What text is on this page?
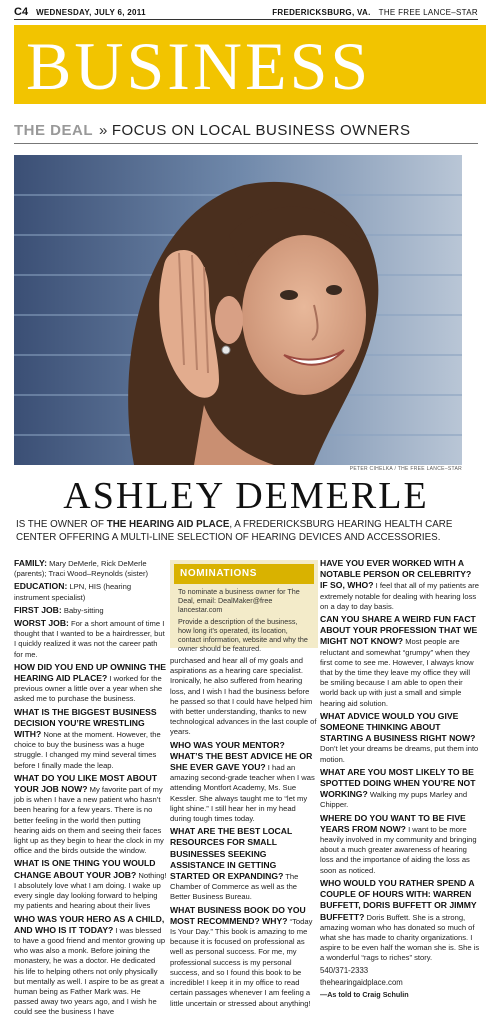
C4 WEDNESDAY, JULY 6, 2011	FREDERICKSBURG, VA. THE FREE LANCE–STAR
BUSINESS
THE DEAL » FOCUS ON LOCAL BUSINESS OWNERS
PETER CIHELKA / THE FREE LANCE–STAR
ASHLEY DEMERLE
IS THE OWNER OF THE HEARING AID PLACE, A FREDERICKSBURG HEARING HEALTH CARE CENTER OFFERING A MULTI-LINE SELECTION OF HEARING DEVICES AND ACCESSORIES.

FAMILY: Mary DeMerle, Rick DeMerle (parents); Traci Wood–Reynolds (sister)

EDUCATION: LPN, HIS (hearing instrument specialist)

FIRST JOB: Baby-sitting

WORST JOB: For a short amount of time I thought that I wanted to be a hairdresser, but I quickly realized it was not the career path for me.

HOW DID YOU END UP OWNING THE HEARING AID PLACE? I worked for the previous owner a little over a year when she asked me to purchase the business.

WHAT IS THE BIGGEST BUSINESS DECISION YOU’RE WRESTLING WITH? None at the moment. However, the choice to buy the business was a huge struggle. I changed my mind several times before I finally made the leap.

WHAT DO YOU LIKE MOST ABOUT YOUR JOB NOW? My favorite part of my job is when I have a new patient who hasn’t been hearing for a few years. There is no better feeling in the world then putting hearing aids on them and seeing their faces light up as they begin to hear the clock in my office and the birds outside the window.

WHAT IS ONE THING YOU WOULD CHANGE ABOUT YOUR JOB? Nothing! I absolutely love what I am doing. I wake up every single day looking forward to helping my patients and hearing about their lives

WHO WAS YOUR HERO AS A CHILD, AND WHO IS IT TODAY? I was blessed to have a good friend and mentor growing up who was also a monk. Before joining the monastery, he was a doctor. He dedicated his life to helping others not only physically but mentally as well. I aspire to be as great a human being as Father Mark was. He passed away two years ago, and I wish he could see the business I have

NOMINATIONS

To nominate a business owner for The Deal, email: DealMaker@free lancestar.com

Provide a description of the business, how long it’s operated, its location, contact information, website and why the owner should be featured.

purchased and hear all of my goals and aspirations as a hearing care specialist. Ironically, he also suffered from hearing loss, and I wish I had the business before he passed so that I could have helped him with better understanding, thanks to new technological advances in the last couple of years.

WHO WAS YOUR MENTOR? WHAT’S THE BEST ADVICE HE OR SHE EVER GAVE YOU? I had an amazing second-grade teacher when I was attending Montfort Academy, Ms. Sue Kessler. She always taught me to “let my light shine.” I still hear her in my head during tough times today.

WHAT ARE THE BEST LOCAL RESOURCES FOR SMALL BUSINESSES SEEKING ASSISTANCE IN GETTING STARTED OR EXPANDING? The Chamber of Commerce as well as the Better Business Bureau.

WHAT BUSINESS BOOK DO YOU MOST RECOMMEND? WHY? “Today Is Your Day.” This book is amazing to me because it is focused on professional as well as personal success. For me, my professional success is my personal success, and so I found this book to be incredible! I keep it in my office to read certain passages whenever I am feeling a little uncertain or stressed about anything!

HAVE YOU EVER WORKED WITH A NOTABLE PERSON OR CELEBRITY? IF SO, WHO? I feel that all of my patients are extremely notable for dealing with hearing loss on a day to day basis.

CAN YOU SHARE A WEIRD FUN FACT ABOUT YOUR PROFESSION THAT WE MIGHT NOT KNOW? Most people are reluctant and somewhat “grumpy” when they first come to see me. However, I always know that by the time they leave my office they will be smiling because I am able to open their world back up with just a small and simple hearing aid solution.

WHAT ADVICE WOULD YOU GIVE SOMEONE THINKING ABOUT STARTING A BUSINESS RIGHT NOW? Don’t let your dreams be dreams, put them into motion.

WHAT ARE YOU MOST LIKELY TO BE SPOTTED DOING WHEN YOU’RE NOT WORKING? Walking my pups Marley and Chipper.

WHERE DO YOU WANT TO BE FIVE YEARS FROM NOW? I want to be more heavily involved in my community and bringing about a much greater awareness of hearing loss and the importance of aiding the loss as soon as noticed.

WHO WOULD YOU RATHER SPEND A COUPLE OF HOURS WITH: WARREN BUFFETT, DORIS BUFFETT OR JIMMY BUFFETT? Doris Buffett. She is a strong, amazing woman who has donated so much of what she has made to charity organizations. I aspire to be even half the woman she is. She is a wonderful “rags to riches” story.

540/371-2333

thehearingaidplace.com

—As told to Craig Schulin
